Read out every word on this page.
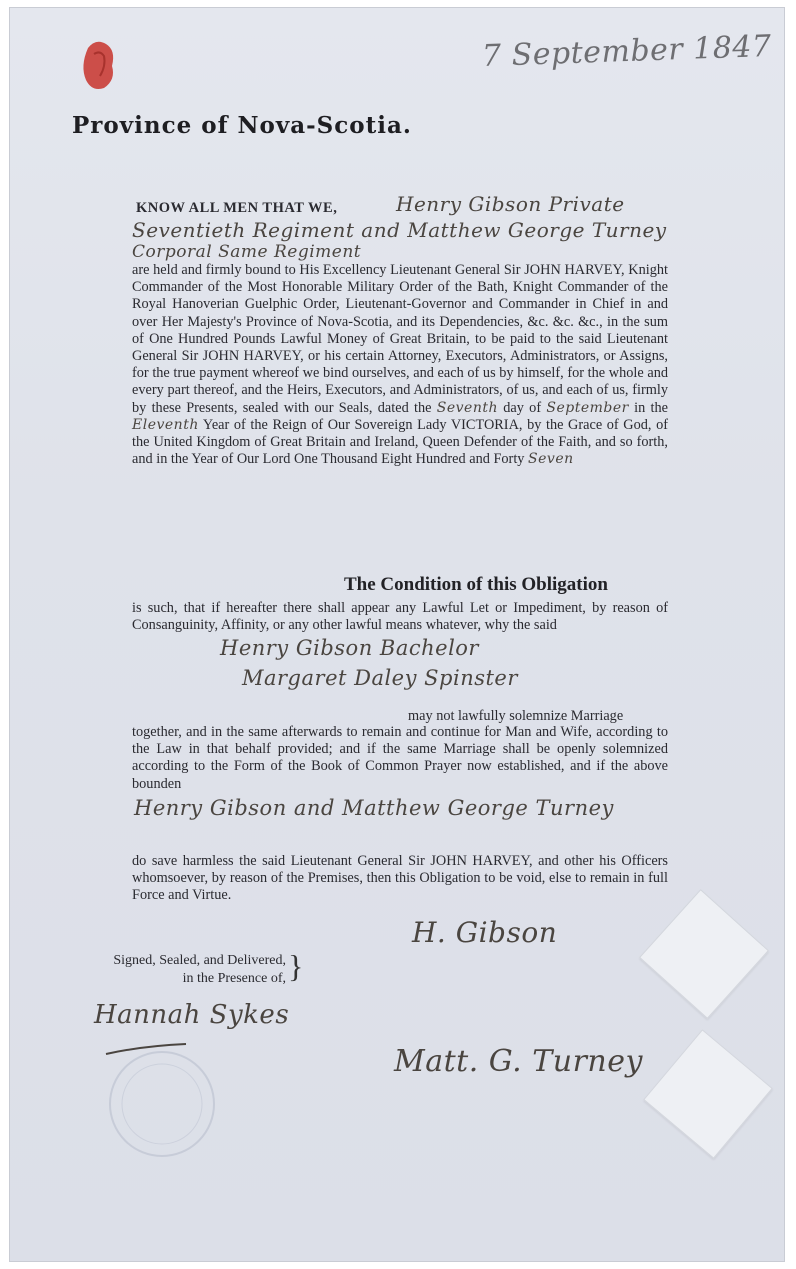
7 September 1847
Province of Nova-Scotia.
KNOW ALL MEN THAT WE,	Henry Gibson Private
Seventieth Regiment and Matthew George Turney
Corporal Same Regiment
are held and firmly bound to His Excellency Lieutenant General Sir JOHN HARVEY, Knight Commander of the Most Honorable Military Order of the Bath, Knight Commander of the Royal Hanoverian Guelphic Order, Lieutenant-Governor and Commander in Chief in and over Her Majesty's Province of Nova-Scotia, and its Dependencies, &c. &c. &c., in the sum of One Hundred Pounds Lawful Money of Great Britain, to be paid to the said Lieutenant General Sir JOHN HARVEY, or his certain Attorney, Executors, Administrators, or Assigns, for the true payment whereof we bind ourselves, and each of us by himself, for the whole and every part thereof, and the Heirs, Executors, and Administrators, of us, and each of us, firmly by these Presents, sealed with our Seals, dated the Seventh day of September in the Eleventh Year of the Reign of Our Sovereign Lady VICTORIA, by the Grace of God, of the United Kingdom of Great Britain and Ireland, Queen Defender of the Faith, and so forth, and in the Year of Our Lord One Thousand Eight Hundred and Forty Seven
The Condition of this Obligation
is such, that if hereafter there shall appear any Lawful Let or Impediment, by reason of Consanguinity, Affinity, or any other lawful means whatever, why the said
Henry Gibson Bachelor
Margaret Daley Spinster
may not lawfully solemnize Marriage
together, and in the same afterwards to remain and continue for Man and Wife, according to the Law in that behalf provided; and if the same Marriage shall be openly solemnized according to the Form of the Book of Common Prayer now established, and if the above bounden
Henry Gibson and Matthew George Turney
do save harmless the said Lieutenant General Sir JOHN HARVEY, and other his Officers whomsoever, by reason of the Premises, then this Obligation to be void, else to remain in full Force and Virtue.
H. Gibson
Signed, Sealed, and Delivered,
in the Presence of, }
Hannah Sykes
Matt. G. Turney
